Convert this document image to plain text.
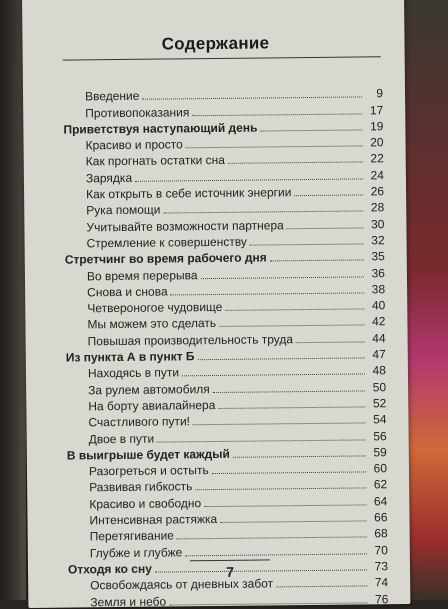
Содержание
Введение	9
Противопоказания	17
Приветствуя наступающий день	19
Красиво и просто	20
Как прогнать остатки сна	22
Зарядка	24
Как открыть в себе источник энергии	26
Рука помощи	28
Учитывайте возможности партнера	30
Стремление к совершенству	32
Стретчинг во время рабочего дня	35
Во время перерыва	36
Снова и снова	38
Четвероногое чудовище	40
Мы можем это сделать	42
Повышая производительность труда	44
Из пункта А в пункт Б	47
Находясь в пути	48
За рулем автомобиля	50
На борту авиалайнера	52
Счастливого пути!	54
Двое в пути	56
В выигрыше будет каждый	59
Разогреться и остыть	60
Развивая гибкость	62
Красиво и свободно	64
Интенсивная растяжка	66
Перетягивание	68
Глубже и глубже	70
Отходя ко сну	73
Освобождаясь от дневных забот	74
Земля и небо	76
7
